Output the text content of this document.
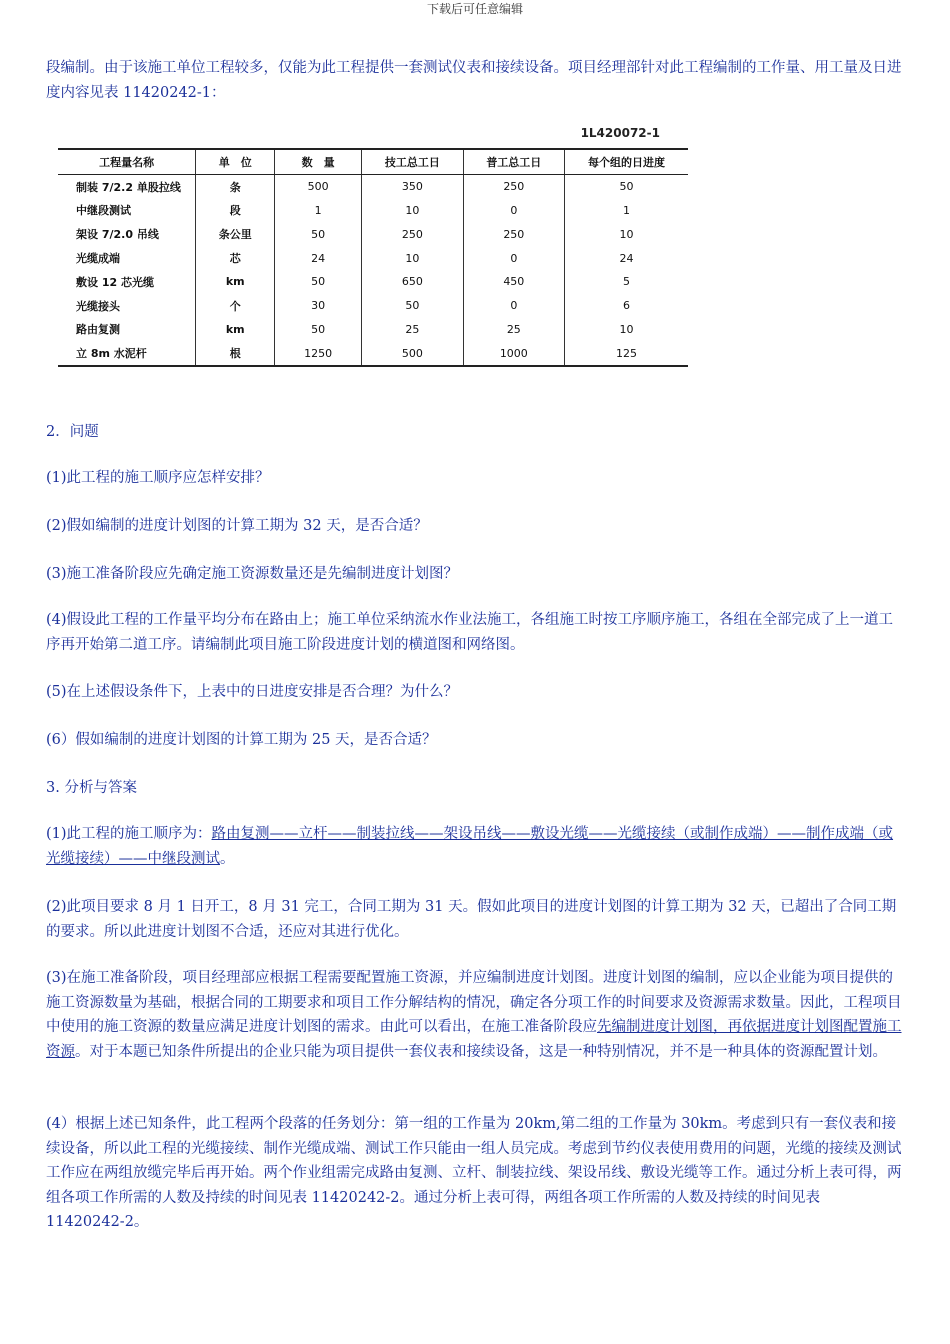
下载后可任意编辑
段编制。由于该施工单位工程较多，仅能为此工程提供一套测试仪表和接续设备。项目经理部针对此工程编制的工作量、用工量及日进度内容见表 11420242-1：
1L420072-1
工程量名称	单　位	数　量	技工总工日	普工总工日	每个组的日进度
制装 7/2.2 单股拉线	条	500	350	250	50
中继段测试	段	1	10	0	1
架设 7/2.0 吊线	条公里	50	250	250	10
光缆成端	芯	24	10	0	24
敷设 12 芯光缆	km	50	650	450	5
光缆接头	个	30	50	0	6
路由复测	km	50	25	25	10
立 8m 水泥杆	根	1250	500	1000	125
2．问题
(1)此工程的施工顺序应怎样安排？
(2)假如编制的进度计划图的计算工期为 32 天，是否合适？
(3)施工准备阶段应先确定施工资源数量还是先编制进度计划图？
(4)假设此工程的工作量平均分布在路由上；施工单位采纳流水作业法施工，各组施工时按工序顺序施工，各组在全部完成了上一道工序再开始第二道工序。请编制此项目施工阶段进度计划的横道图和网络图。
(5)在上述假设条件下，上表中的日进度安排是否合理？为什么？
(6）假如编制的进度计划图的计算工期为 25 天，是否合适？
3. 分析与答案
(1)此工程的施工顺序为：路由复测——立杆——制装拉线——架设吊线——敷设光缆——光缆接续（或制作成端）——制作成端（或光缆接续）——中继段测试。
(2)此项目要求 8 月 1 日开工，8 月 31 完工，合同工期为 31 天。假如此项目的进度计划图的计算工期为 32 天，已超出了合同工期的要求。所以此进度计划图不合适，还应对其进行优化。
(3)在施工准备阶段，项目经理部应根据工程需要配置施工资源，并应编制进度计划图。进度计划图的编制，应以企业能为项目提供的施工资源数量为基础，根据合同的工期要求和项目工作分解结构的情况，确定各分项工作的时间要求及资源需求数量。因此，工程项目中使用的施工资源的数量应满足进度计划图的需求。由此可以看出，在施工准备阶段应先编制进度计划图，再依据进度计划图配置施工资源。对于本题已知条件所提出的企业只能为项目提供一套仪表和接续设备，这是一种特别情况，并不是一种具体的资源配置计划。
(4）根据上述已知条件，此工程两个段落的任务划分：第一组的工作量为 20km,第二组的工作量为 30km。考虑到只有一套仪表和接续设备，所以此工程的光缆接续、制作光缆成端、测试工作只能由一组人员完成。考虑到节约仪表使用费用的问题，光缆的接续及测试工作应在两组放缆完毕后再开始。两个作业组需完成路由复测、立杆、制装拉线、架设吊线、敷设光缆等工作。通过分析上表可得，两组各项工作所需的人数及持续的时间见表 11420242-2。通过分析上表可得，两组各项工作所需的人数及持续的时间见表 11420242-2。
